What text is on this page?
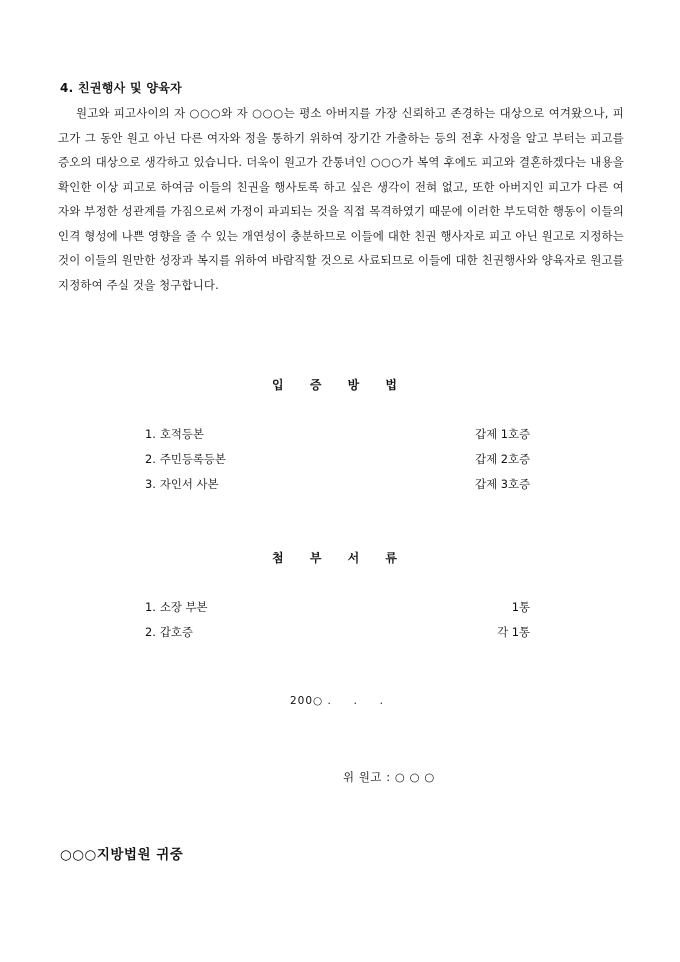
4. 친권행사 및 양육자
원고와 피고사이의 자 ○○○와 자 ○○○는 평소 아버지를 가장 신뢰하고 존경하는 대상으로 여겨왔으나, 피고가 그 동안 원고 아닌 다른 여자와 정을 통하기 위하여 장기간 가출하는 등의 전후 사정을 알고 부터는 피고를 증오의 대상으로 생각하고 있습니다. 더욱이 원고가 간통녀인 ○○○가 복역 후에도 피고와 결혼하겠다는 내용을 확인한 이상 피고로 하여금 이들의 친권을 행사토록 하고 싶은 생각이 전혀 없고, 또한 아버지인 피고가 다른 여자와 부정한 성관계를 가짐으로써 가정이 파괴되는 것을 직접 목격하였기 때문에 이러한 부도덕한 행동이 이들의 인격 형성에 나쁜 영향을 줄 수 있는 개연성이 충분하므로 이들에 대한 친권 행사자로 피고 아닌 원고로 지정하는 것이 이들의 원만한 성장과 복지를 위하여 바람직할 것으로 사료되므로 이들에 대한 친권행사와 양육자로 원고를 지정하여 주실 것을 청구합니다.
입 증 방 법
1. 호적등본	갑제 1호증
2. 주민등록등본	갑제 2호증
3. 자인서 사본	갑제 3호증
첨 부 서 류
1. 소장 부본	1통
2. 갑호증	각 1통
200○ .     .     .
위 원고 : ○ ○ ○
○○○지방법원 귀중
